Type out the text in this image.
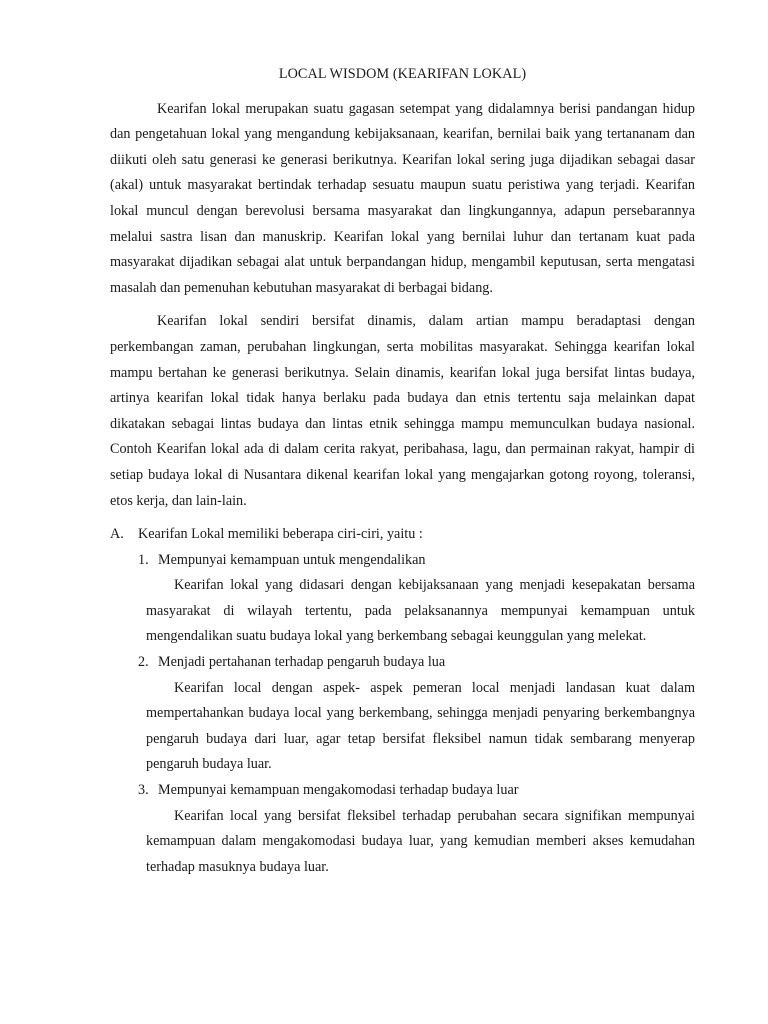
LOCAL WISDOM (KEARIFAN LOKAL)

Kearifan lokal merupakan suatu gagasan setempat yang didalamnya berisi pandangan hidup dan pengetahuan lokal yang mengandung kebijaksanaan, kearifan, bernilai baik yang tertananam dan diikuti oleh satu generasi ke generasi berikutnya. Kearifan lokal sering juga dijadikan sebagai dasar (akal) untuk masyarakat bertindak terhadap sesuatu maupun suatu peristiwa yang terjadi. Kearifan lokal muncul dengan berevolusi bersama masyarakat dan lingkungannya, adapun persebarannya melalui sastra lisan dan manuskrip. Kearifan lokal yang bernilai luhur dan tertanam kuat pada masyarakat dijadikan sebagai alat untuk berpandangan hidup, mengambil keputusan, serta mengatasi masalah dan pemenuhan kebutuhan masyarakat di berbagai bidang.

Kearifan lokal sendiri bersifat dinamis, dalam artian mampu beradaptasi dengan perkembangan zaman, perubahan lingkungan, serta mobilitas masyarakat. Sehingga kearifan lokal mampu bertahan ke generasi berikutnya. Selain dinamis, kearifan lokal juga bersifat lintas budaya, artinya kearifan lokal tidak hanya berlaku pada budaya dan etnis tertentu saja melainkan dapat dikatakan sebagai lintas budaya dan lintas etnik sehingga mampu memunculkan budaya nasional. Contoh Kearifan lokal ada di dalam cerita rakyat, peribahasa, lagu, dan permainan rakyat, hampir di setiap budaya lokal di Nusantara dikenal kearifan lokal yang mengajarkan gotong royong, toleransi, etos kerja, dan lain-lain.

A.	Kearifan Lokal memiliki beberapa ciri-ciri, yaitu :
1. Mempunyai kemampuan untuk mengendalikan

Kearifan lokal yang didasari dengan kebijaksanaan yang menjadi kesepakatan bersama masyarakat di wilayah tertentu, pada pelaksanannya mempunyai kemampuan untuk mengendalikan suatu budaya lokal yang berkembang sebagai keunggulan yang melekat.

2. Menjadi pertahanan terhadap pengaruh budaya lua

Kearifan local dengan aspek- aspek pemeran local menjadi landasan kuat dalam mempertahankan budaya local yang berkembang, sehingga menjadi penyaring berkembangnya pengaruh budaya dari luar, agar tetap bersifat fleksibel namun tidak sembarang menyerap pengaruh budaya luar.

3. Mempunyai kemampuan mengakomodasi terhadap budaya luar

Kearifan local yang bersifat fleksibel terhadap perubahan secara signifikan mempunyai kemampuan dalam mengakomodasi budaya luar, yang kemudian memberi akses kemudahan terhadap masuknya budaya luar.
